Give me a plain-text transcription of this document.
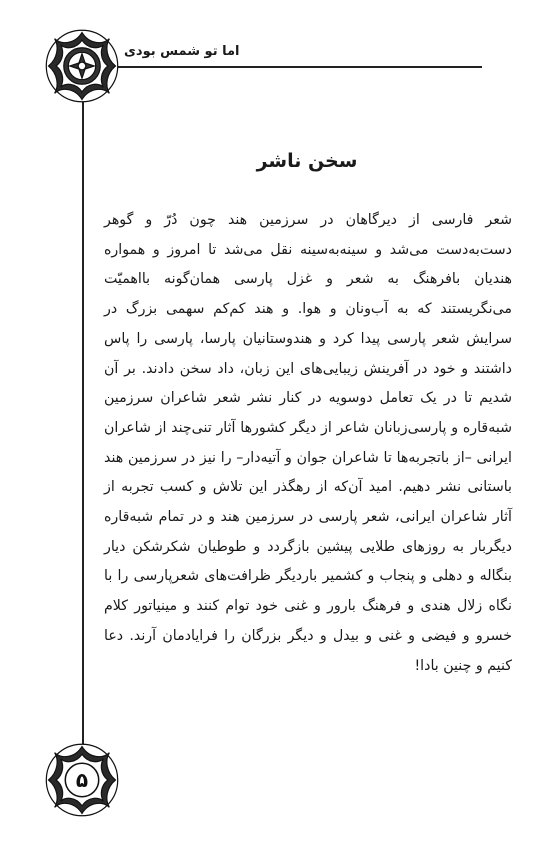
اما تو شمس بودی
۵
سخن ناشر
شعر فارسی از دیرگاهان در سرزمین هند چون دُرّ و گوهر دست‌به‌دست می‌شد و سینه‌به‌سینه نقل می‌شد تا امروز و همواره هندیان بافرهنگ به شعر و غزل پارسی همان‌گونه بااهمیّت می‌نگریستند که به آب‌ونان و هوا. و هند کم‌کم سهمی بزرگ در سرایش شعر پارسی پیدا کرد و هندوستانیان پارسا، پارسی را پاس داشتند و خود در آفرینش زیبایی‌های این زبان، داد سخن دادند. بر آن شدیم تا در یک تعامل دوسویه در کنار نشر شعر شاعران سرزمین شبه‌قاره و پارسی‌زبانان شاعر از دیگر کشورها آثار تنی‌چند از شاعران ایرانی –از باتجربه‌ها تا شاعران جوان و آتیه‌دار– را نیز در سرزمین هند باستانی نشر دهیم. امید آن‌که از رهگذر این تلاش و کسب تجربه از آثار شاعران ایرانی، شعر پارسی در سرزمین هند و در تمام شبه‌قاره دیگربار به روزهای طلایی پیشین بازگردد و طوطیان شکرشکن دیار بنگاله و دهلی و پنجاب و کشمیر باردیگر ظرافت‌های شعرپارسی را با نگاه زلال هندی و فرهنگ بارور و غنی خود توام کنند و مینیاتور کلام خسرو و فیضی و غنی و بیدل و دیگر بزرگان را فرایادمان آرند. دعا کنیم و چنین بادا!
